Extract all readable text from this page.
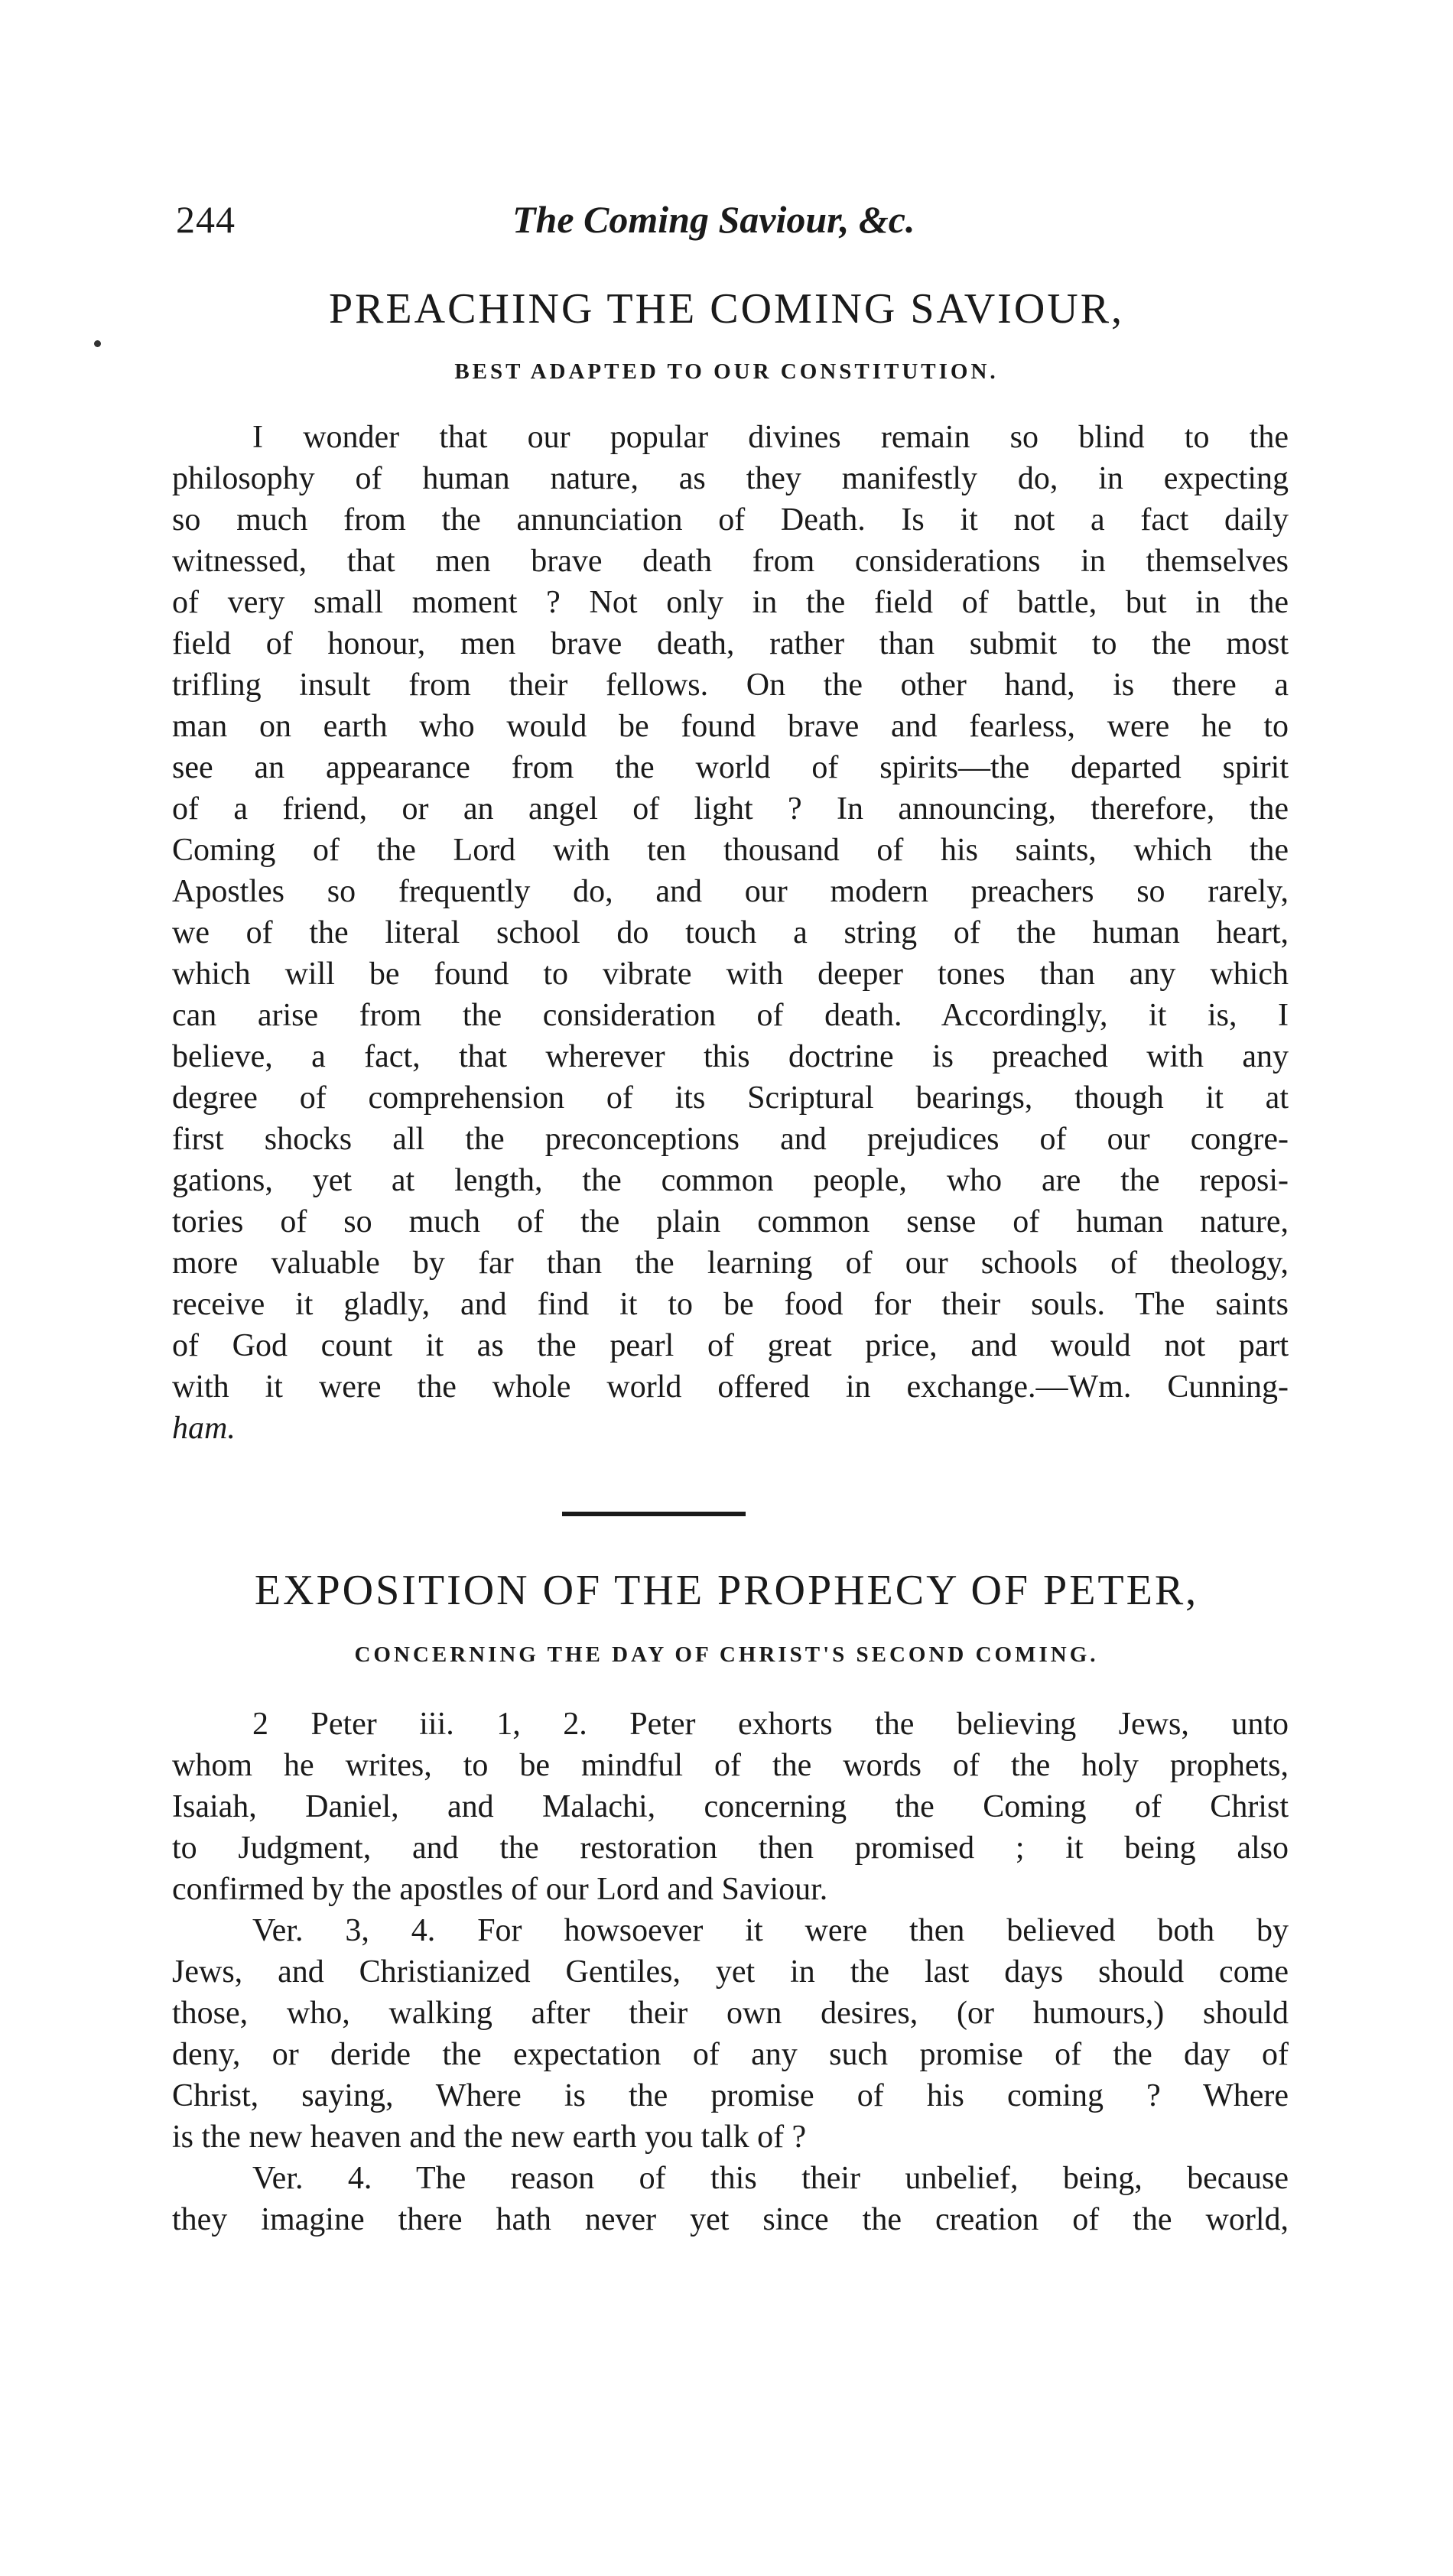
244	The Coming Saviour, &c.
PREACHING THE COMING SAVIOUR,
BEST ADAPTED TO OUR CONSTITUTION.
I wonder that our popular divines remain so blind to the
philosophy of human nature, as they manifestly do, in expecting
so much from the annunciation of Death. Is it not a fact daily
witnessed, that men brave death from considerations in themselves
of very small moment ? Not only in the field of battle, but in the
field of honour, men brave death, rather than submit to the most
trifling insult from their fellows. On the other hand, is there a
man on earth who would be found brave and fearless, were he to
see an appearance from the world of spirits—the departed spirit
of a friend, or an angel of light ? In announcing, therefore, the
Coming of the Lord with ten thousand of his saints, which the
Apostles so frequently do, and our modern preachers so rarely,
we of the literal school do touch a string of the human heart,
which will be found to vibrate with deeper tones than any which
can arise from the consideration of death. Accordingly, it is, I
believe, a fact, that wherever this doctrine is preached with any
degree of comprehension of its Scriptural bearings, though it at
first shocks all the preconceptions and prejudices of our congre-
gations, yet at length, the common people, who are the reposi-
tories of so much of the plain common sense of human nature,
more valuable by far than the learning of our schools of theology,
receive it gladly, and find it to be food for their souls. The saints
of God count it as the pearl of great price, and would not part
with it were the whole world offered in exchange.—Wm. Cunning-
ham.
EXPOSITION OF THE PROPHECY OF PETER,
CONCERNING THE DAY OF CHRIST'S SECOND COMING.
2 Peter iii. 1, 2. Peter exhorts the believing Jews, unto
whom he writes, to be mindful of the words of the holy prophets,
Isaiah, Daniel, and Malachi, concerning the Coming of Christ
to Judgment, and the restoration then promised ; it being also
confirmed by the apostles of our Lord and Saviour.
Ver. 3, 4. For howsoever it were then believed both by
Jews, and Christianized Gentiles, yet in the last days should come
those, who, walking after their own desires, (or humours,) should
deny, or deride the expectation of any such promise of the day of
Christ, saying, Where is the promise of his coming ? Where
is the new heaven and the new earth you talk of ?
Ver. 4. The reason of this their unbelief, being, because
they imagine there hath never yet since the creation of the world,
